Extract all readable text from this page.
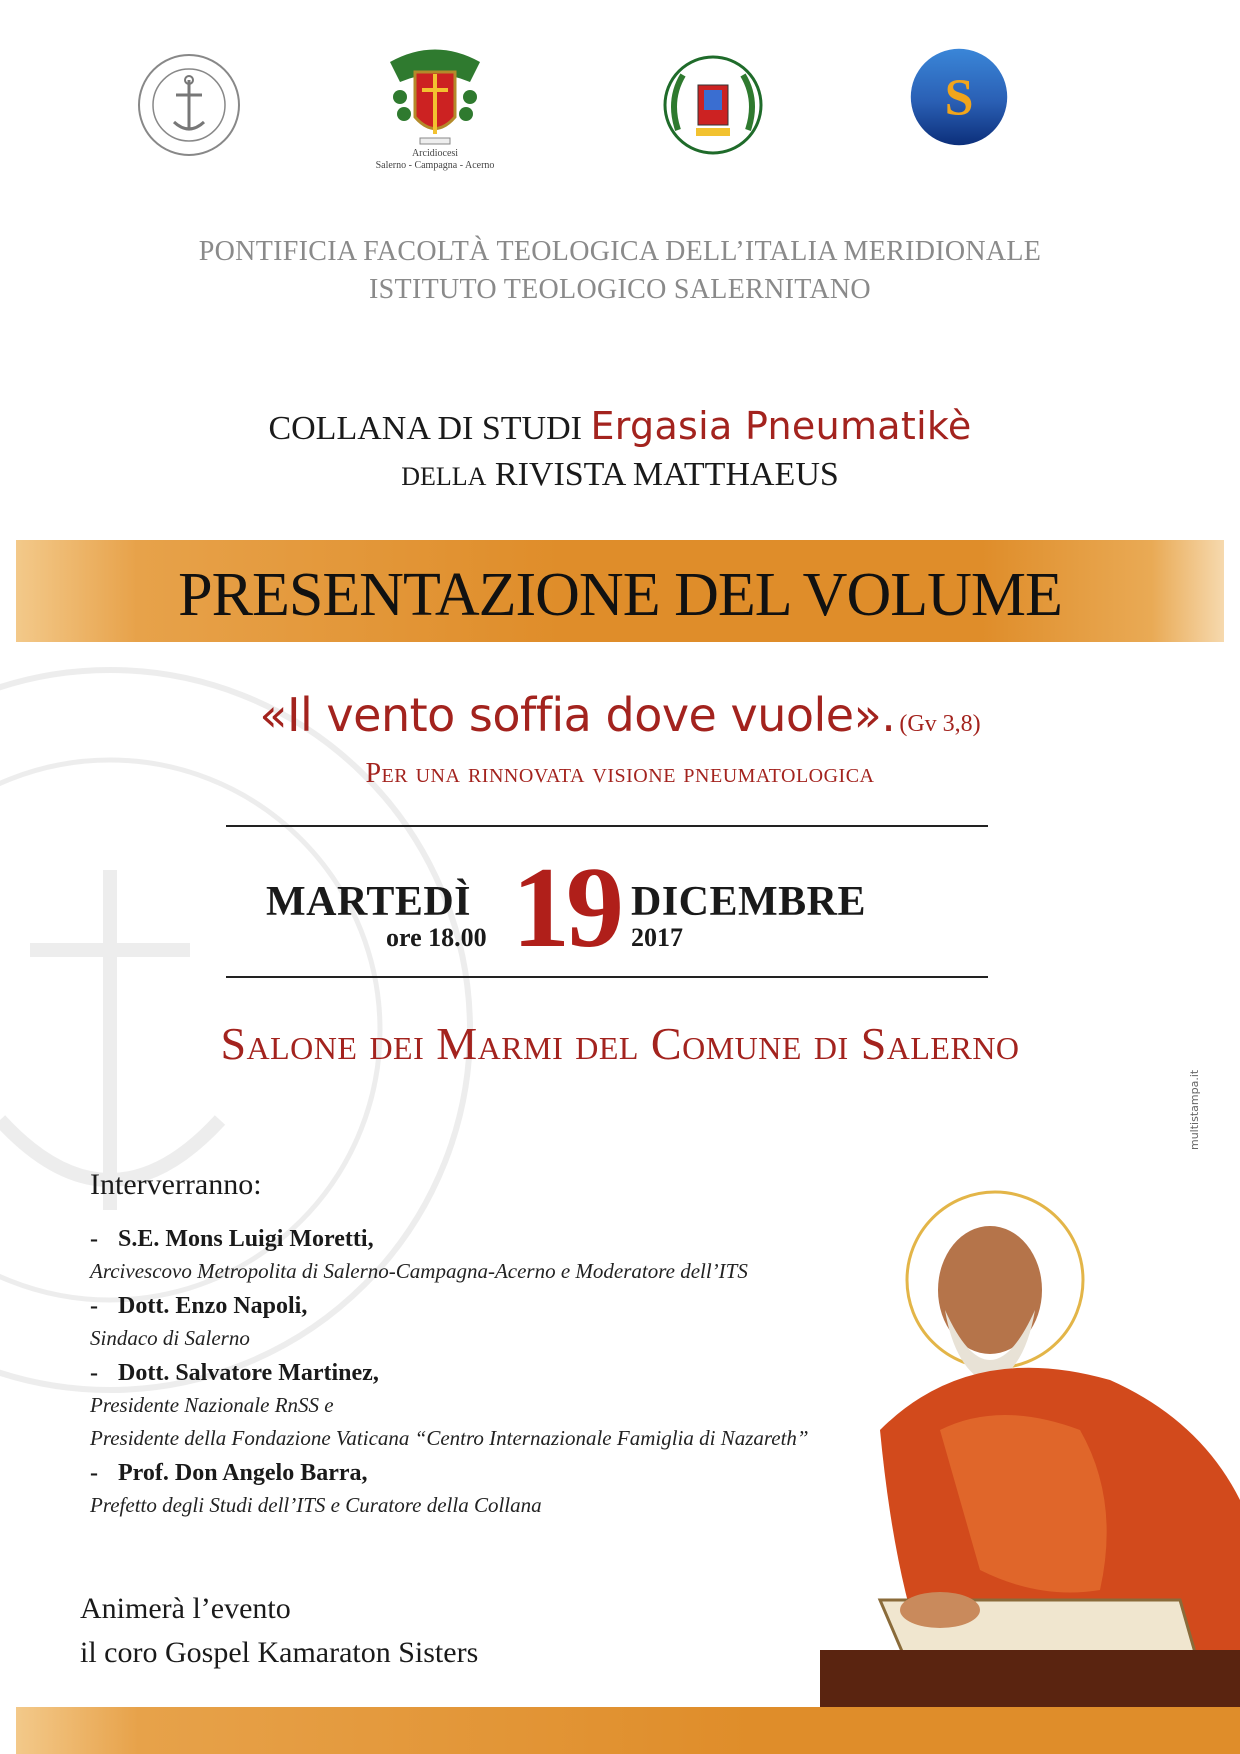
Arcidiocesi
Salerno - Campagna - Acerno
S
PONTIFICIA FACOLTÀ TEOLOGICA DELL’ITALIA MERIDIONALE
ISTITUTO TEOLOGICO SALERNITANO
COLLANA DI STUDI Ergasia Pneumatikè
DELLA RIVISTA MATTHAEUS
PRESENTAZIONE DEL VOLUME
«Il vento soffia dove vuole». (Gv 3,8)
Per una rinnovata visione pneumatologica
MARTEDÌ
ore 18.00 19 DICEMBRE
2017
Salone dei Marmi del Comune di Salerno
Interverranno:
- S.E. Mons Luigi Moretti,
Arcivescovo Metropolita di Salerno-Campagna-Acerno e Moderatore dell’ITS
- Dott. Enzo Napoli,
Sindaco di Salerno
- Dott. Salvatore Martinez,
Presidente Nazionale RnSS e
Presidente della Fondazione Vaticana “Centro Internazionale Famiglia di Nazareth”
- Prof. Don Angelo Barra,
Prefetto degli Studi dell’ITS e Curatore della Collana
Animerà l’evento
il coro Gospel Kamaraton Sisters
multistampa.it
